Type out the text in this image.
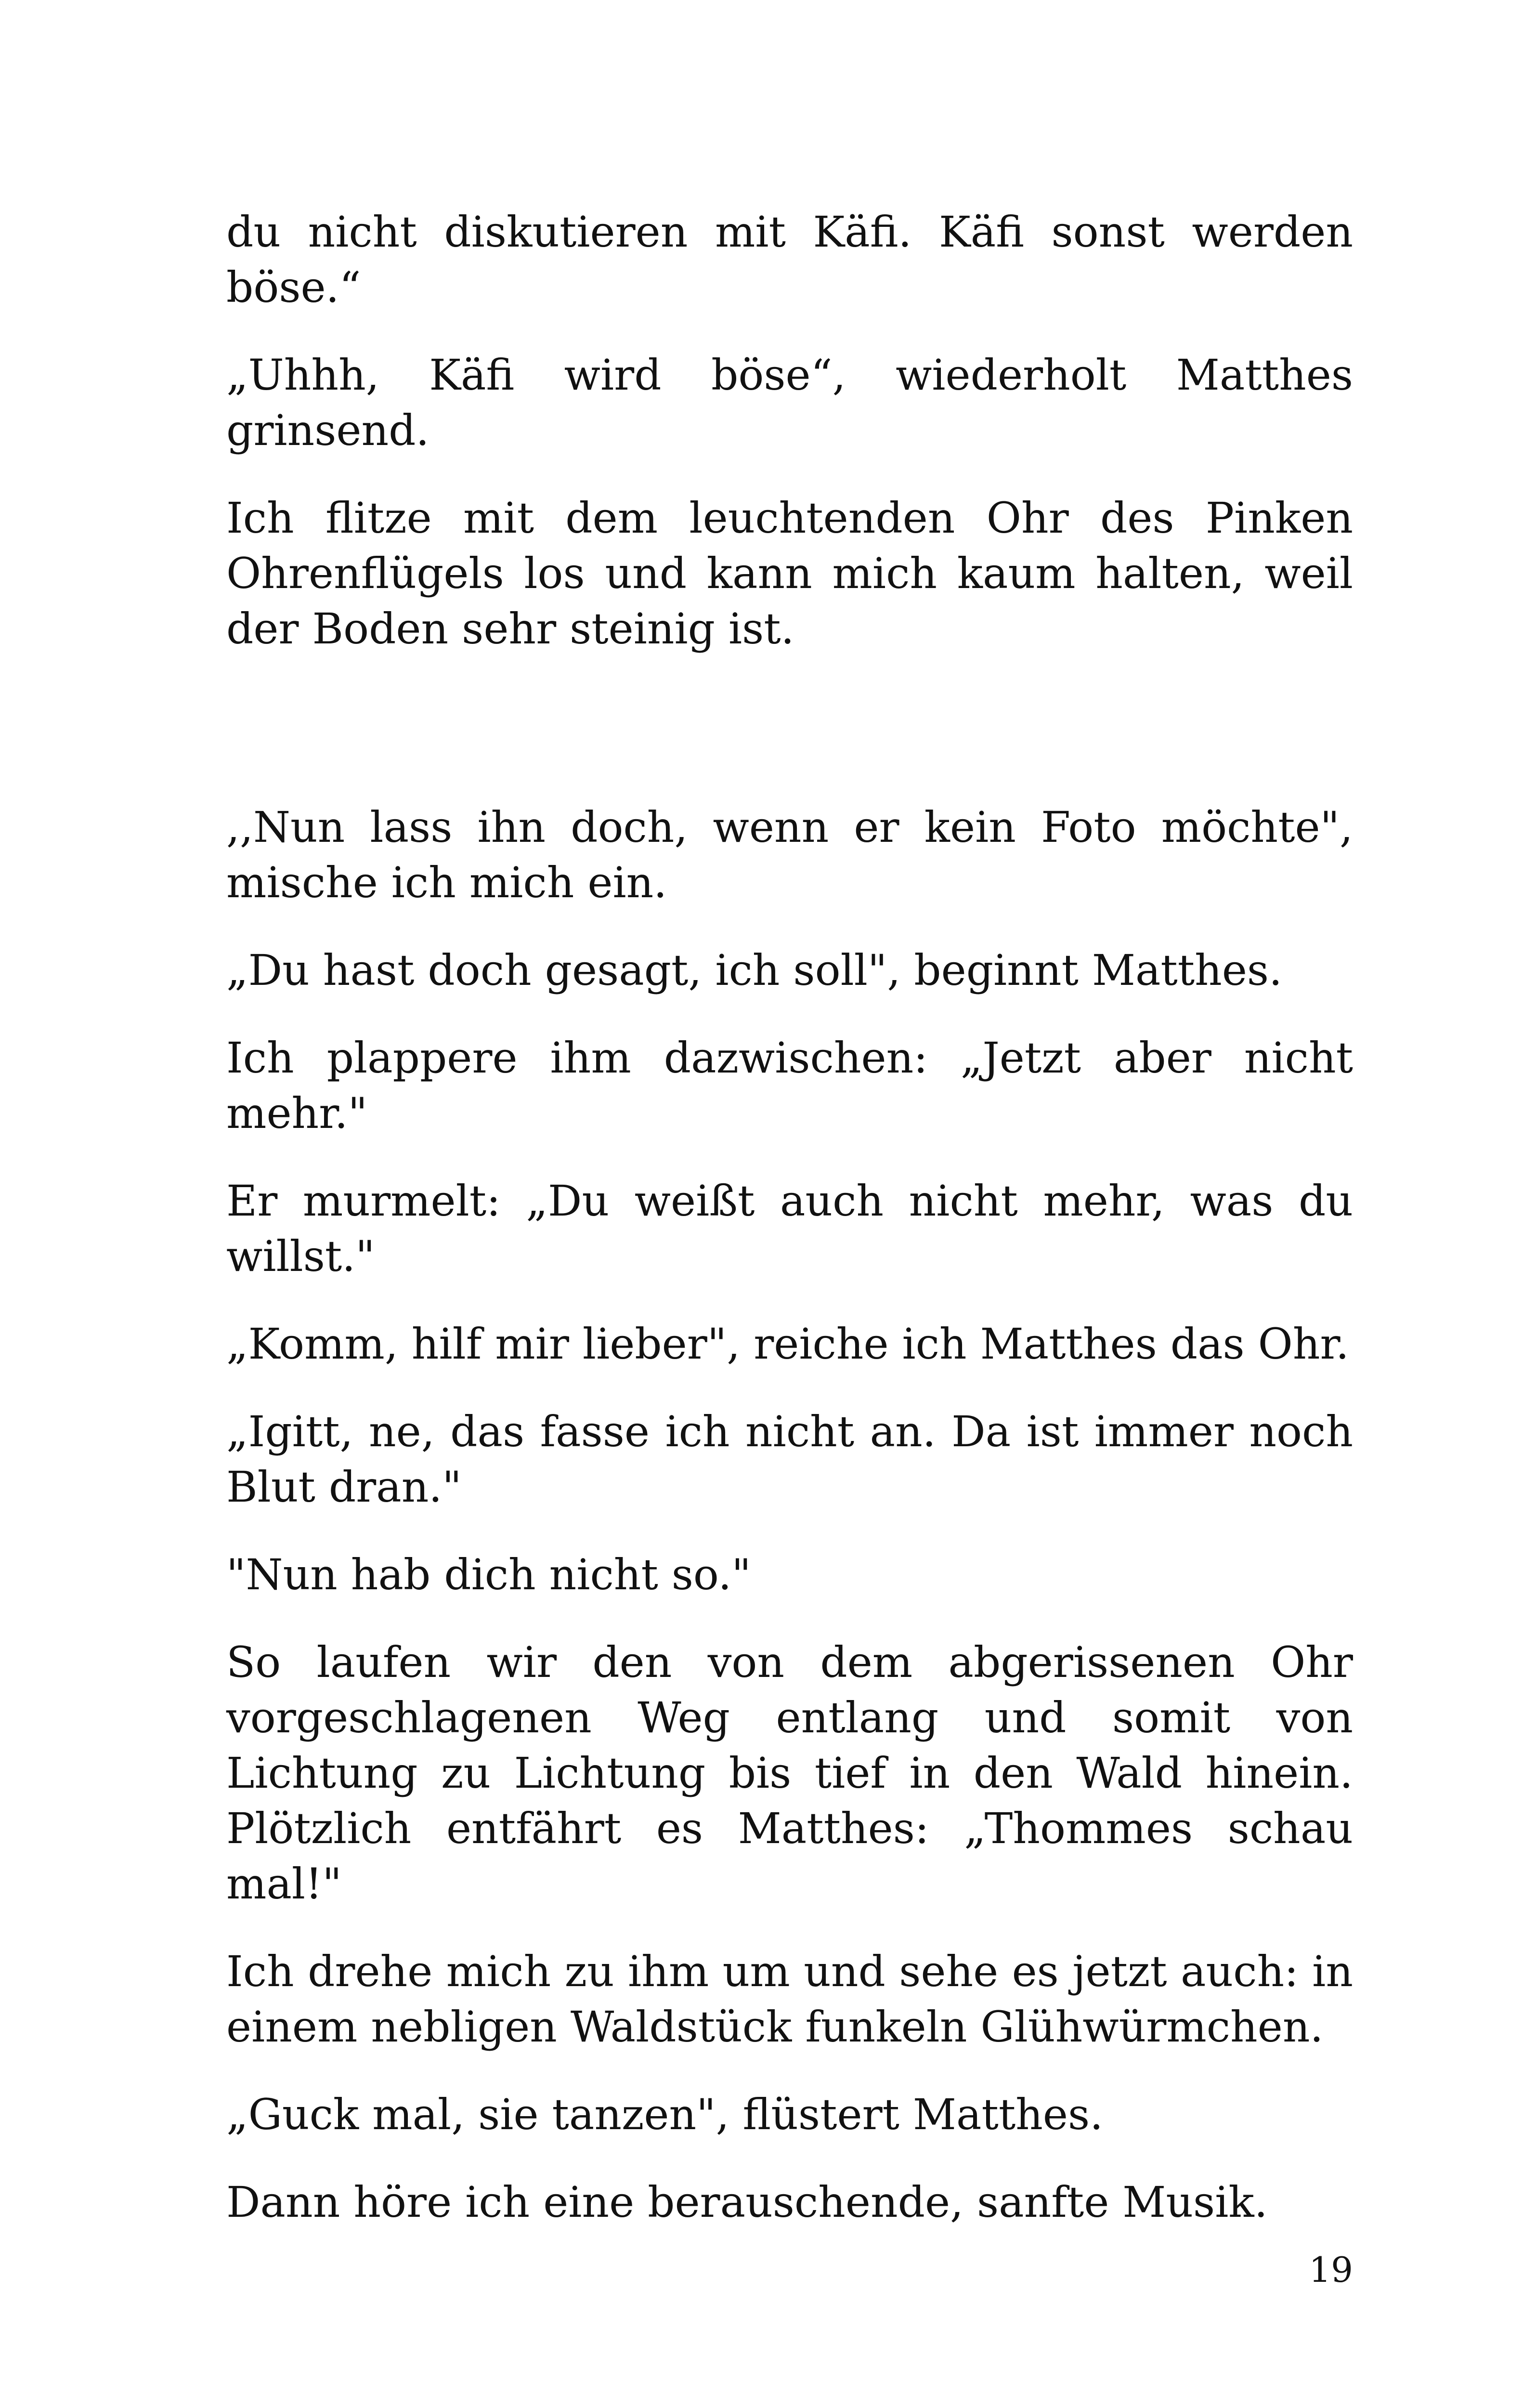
du nicht diskutieren mit Käfi. Käfi sonst werden böse.“

„Uhhh, Käfi wird böse“, wiederholt Matthes grinsend.

Ich flitze mit dem leuchtenden Ohr des Pinken Ohrenflügels los und kann mich kaum halten, weil der Boden sehr steinig ist.

,,Nun lass ihn doch, wenn er kein Foto möchte", mische ich mich ein.

„Du hast doch gesagt, ich soll", beginnt Matthes.

Ich plappere ihm dazwischen: „Jetzt aber nicht mehr."

Er murmelt: „Du weißt auch nicht mehr, was du willst."

„Komm, hilf mir lieber", reiche ich Matthes das Ohr.

„Igitt, ne, das fasse ich nicht an. Da ist immer noch Blut dran."

"Nun hab dich nicht so."

So laufen wir den von dem abgerissenen Ohr vorgeschlagenen Weg entlang und somit von Lichtung zu Lichtung bis tief in den Wald hinein. Plötzlich entfährt es Matthes: „Thommes schau mal!"

Ich drehe mich zu ihm um und sehe es jetzt auch: in einem nebligen Waldstück funkeln Glühwürmchen.

„Guck mal, sie tanzen", flüstert Matthes.

Dann höre ich eine berauschende, sanfte Musik.

19
